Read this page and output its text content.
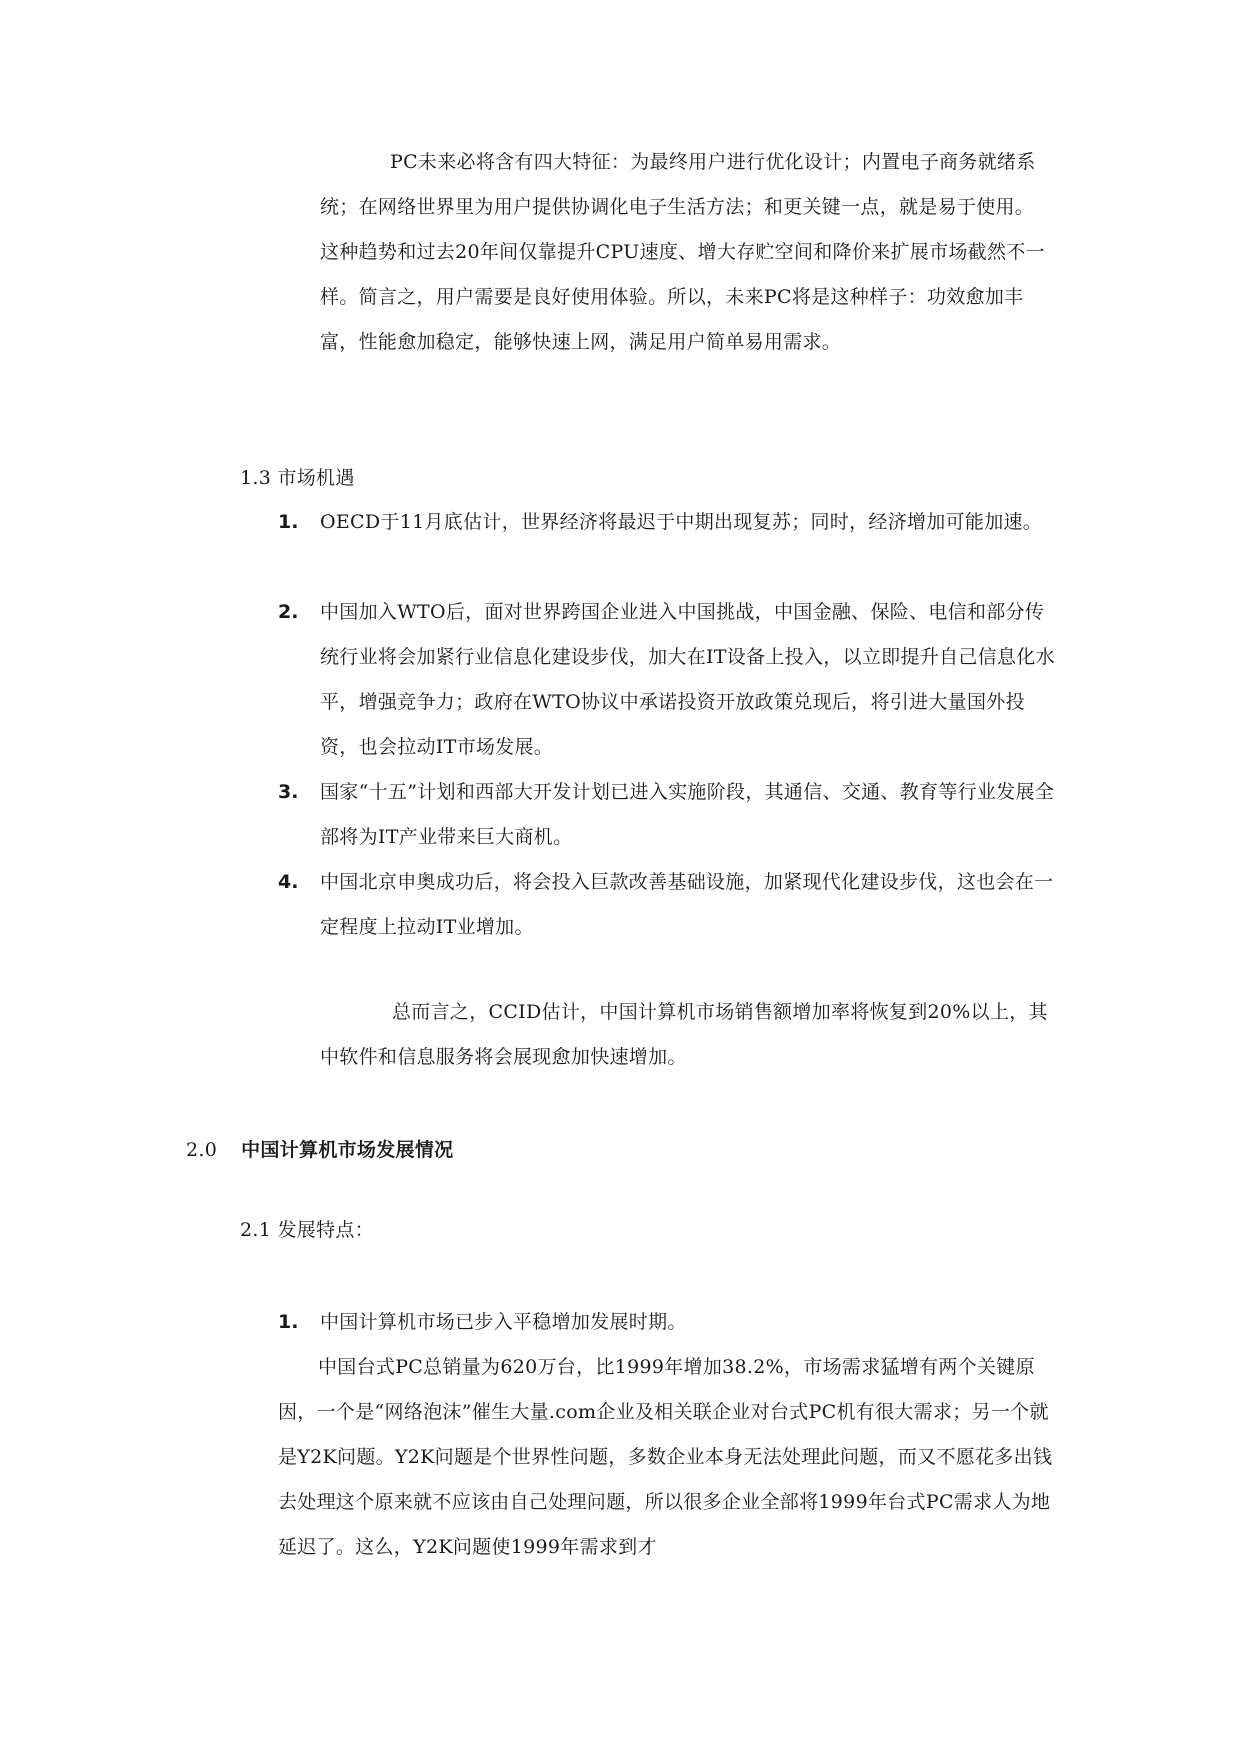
PC未来必将含有四大特征：为最终用户进行优化设计；内置电子商务就绪系统；在网络世界里为用户提供协调化电子生活方法；和更关键一点，就是易于使用。这种趋势和过去20年间仅靠提升CPU速度、增大存贮空间和降价来扩展市场截然不一样。简言之，用户需要是良好使用体验。所以，未来PC将是这种样子：功效愈加丰富，性能愈加稳定，能够快速上网，满足用户简单易用需求。
1.3 市场机遇
1. OECD于11月底估计，世界经济将最迟于中期出现复苏；同时，经济增加可能加速。
2. 中国加入WTO后，面对世界跨国企业进入中国挑战，中国金融、保险、电信和部分传统行业将会加紧行业信息化建设步伐，加大在IT设备上投入，以立即提升自己信息化水平，增强竞争力；政府在WTO协议中承诺投资开放政策兑现后，将引进大量国外投资，也会拉动IT市场发展。
3. 国家“十五”计划和西部大开发计划已进入实施阶段，其通信、交通、教育等行业发展全部将为IT产业带来巨大商机。
4. 中国北京申奥成功后，将会投入巨款改善基础设施，加紧现代化建设步伐，这也会在一定程度上拉动IT业增加。
总而言之，CCID估计，中国计算机市场销售额增加率将恢复到20%以上，其中软件和信息服务将会展现愈加快速增加。
2.0 中国计算机市场发展情况
2.1 发展特点：
1. 中国计算机市场已步入平稳增加发展时期。
中国台式PC总销量为620万台，比1999年增加38.2%，市场需求猛增有两个关键原因，一个是“网络泡沫”催生大量.com企业及相关联企业对台式PC机有很大需求；另一个就是Y2K问题。Y2K问题是个世界性问题，多数企业本身无法处理此问题，而又不愿花多出钱去处理这个原来就不应该由自己处理问题，所以很多企业全部将1999年台式PC需求人为地延迟了。这么，Y2K问题使1999年需求到才
